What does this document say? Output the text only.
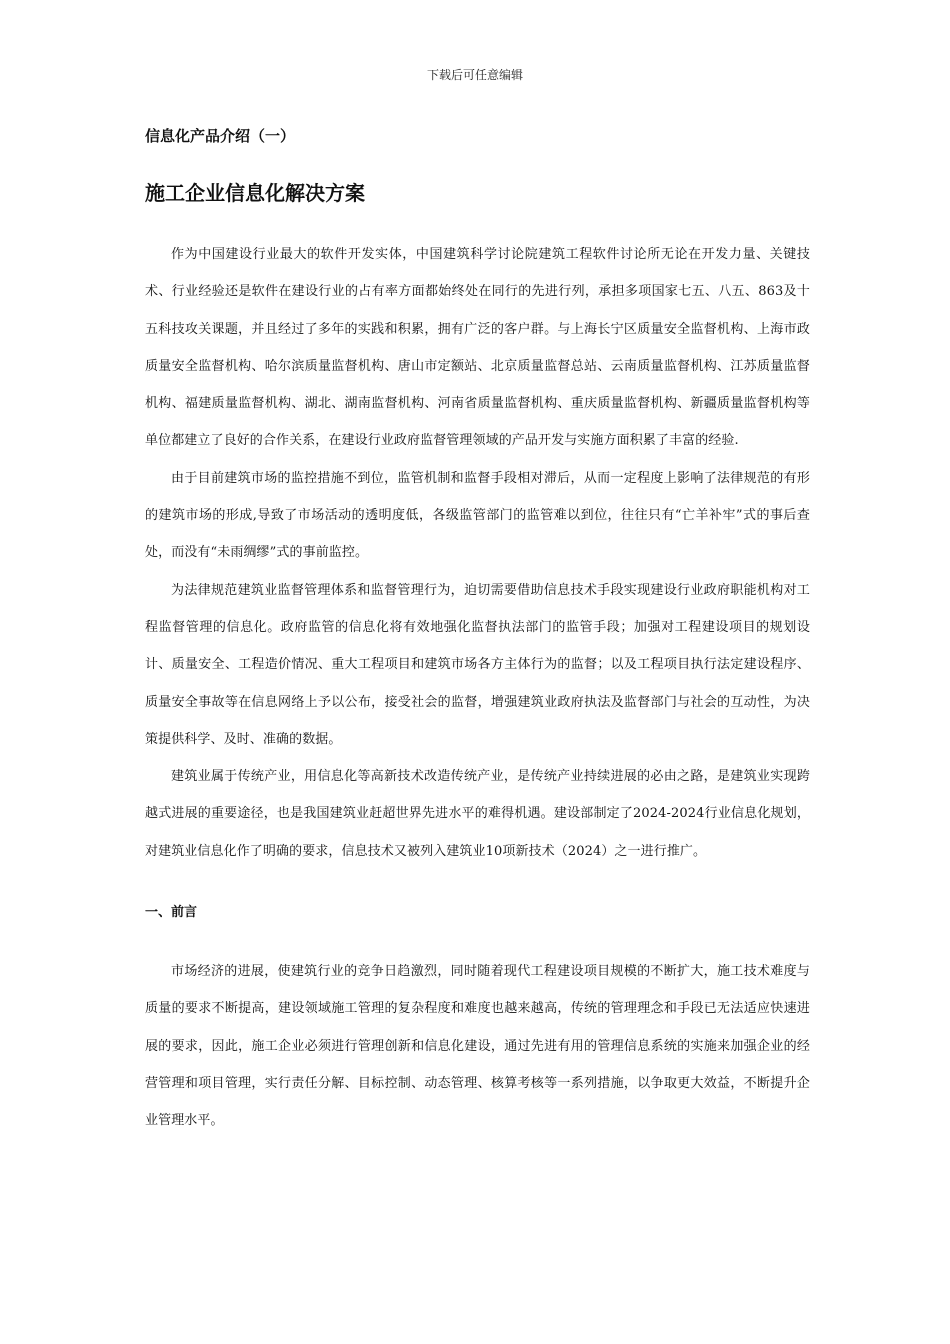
下载后可任意编辑
信息化产品介绍（一）
施工企业信息化解决方案

作为中国建设行业最大的软件开发实体，中国建筑科学讨论院建筑工程软件讨论所无论在开发力量、关键技术、行业经验还是软件在建设行业的占有率方面都始终处在同行的先进行列，承担多项国家七五、八五、863及十五科技攻关课题，并且经过了多年的实践和积累，拥有广泛的客户群。与上海长宁区质量安全监督机构、上海市政质量安全监督机构、哈尔滨质量监督机构、唐山市定额站、北京质量监督总站、云南质量监督机构、江苏质量监督机构、福建质量监督机构、湖北、湖南监督机构、河南省质量监督机构、重庆质量监督机构、新疆质量监督机构等单位都建立了良好的合作关系，在建设行业政府监督管理领域的产品开发与实施方面积累了丰富的经验.

由于目前建筑市场的监控措施不到位，监管机制和监督手段相对滞后，从而一定程度上影响了法律规范的有形的建筑市场的形成,导致了市场活动的透明度低，各级监管部门的监管难以到位，往往只有“亡羊补牢”式的事后查处，而没有“未雨绸缪”式的事前监控。

为法律规范建筑业监督管理体系和监督管理行为，迫切需要借助信息技术手段实现建设行业政府职能机构对工程监督管理的信息化。政府监管的信息化将有效地强化监督执法部门的监管手段；加强对工程建设项目的规划设计、质量安全、工程造价情况、重大工程项目和建筑市场各方主体行为的监督；以及工程项目执行法定建设程序、质量安全事故等在信息网络上予以公布，接受社会的监督，增强建筑业政府执法及监督部门与社会的互动性，为决策提供科学、及时、准确的数据。

建筑业属于传统产业，用信息化等高新技术改造传统产业，是传统产业持续进展的必由之路，是建筑业实现跨越式进展的重要途径，也是我国建筑业赶超世界先进水平的难得机遇。建设部制定了2024-2024行业信息化规划，对建筑业信息化作了明确的要求，信息技术又被列入建筑业10项新技术（2024）之一进行推广。

一、前言

市场经济的进展，使建筑行业的竞争日趋激烈，同时随着现代工程建设项目规模的不断扩大，施工技术难度与质量的要求不断提高，建设领域施工管理的复杂程度和难度也越来越高，传统的管理理念和手段已无法适应快速进展的要求，因此，施工企业必须进行管理创新和信息化建设，通过先进有用的管理信息系统的实施来加强企业的经营管理和项目管理，实行责任分解、目标控制、动态管理、核算考核等一系列措施，以争取更大效益，不断提升企业管理水平。
